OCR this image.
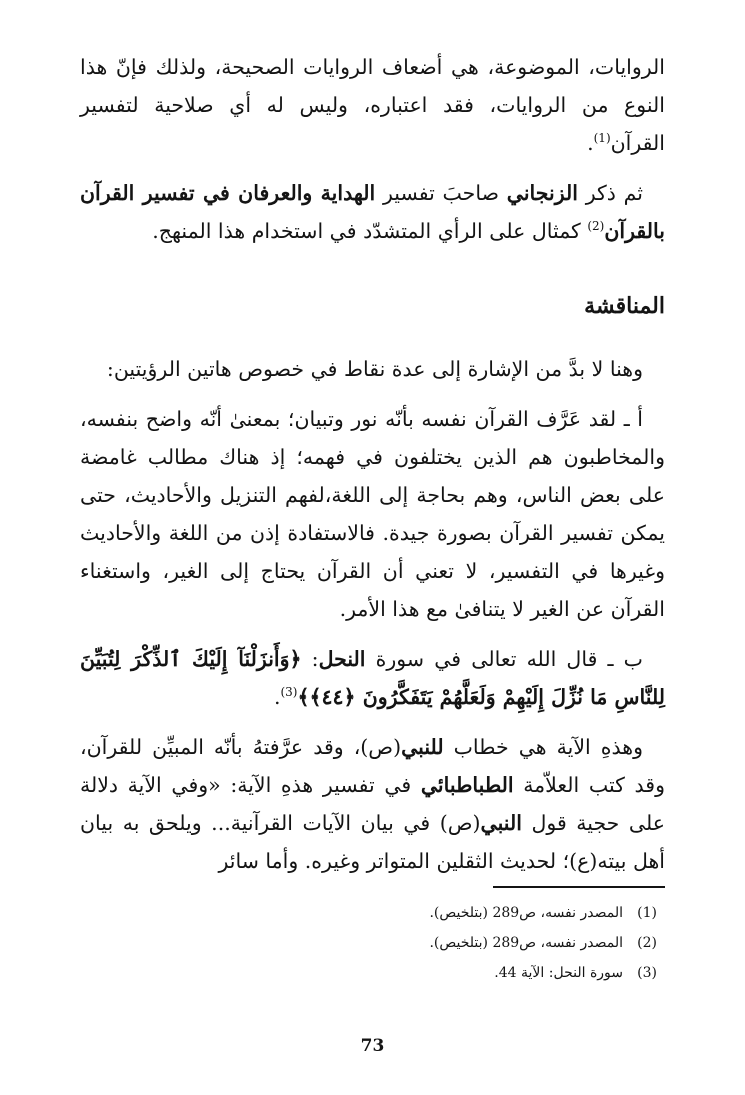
الروايات، الموضوعة، هي أضعاف الروايات الصحيحة، ولذلك فإنّ هذا النوع من الروايات، فقد اعتباره، وليس له أي صلاحية لتفسير القرآن$^{(1)}$.

ثم ذكر الزنجاني صاحبَ تفسير الهداية والعرفان في تفسير القرآن بالقرآن$^{(2)}$ كمثال على الرأي المتشدّد في استخدام هذا المنهج.

المناقشة

وهنا لا بدَّ من الإشارة إلى عدة نقاط في خصوص هاتين الرؤيتين:

أ ـ لقد عَرَّف القرآن نفسه بأنّه نور وتبيان؛ بمعنىٰ أنّه واضح بنفسه، والمخاطبون هم الذين يختلفون في فهمه؛ إذ هناك مطالب غامضة على بعض الناس، وهم بحاجة إلى اللغة،لفهم التنزيل والأحاديث، حتى يمكن تفسير القرآن بصورة جيدة. فالاستفادة إذن من اللغة والأحاديث وغيرها في التفسير، لا تعني أن القرآن يحتاج إلى الغير، واستغناء القرآن عن الغير لا يتنافىٰ مع هذا الأمر.

ب ـ قال الله تعالى في سورة النحل: ﴿وَأَنزَلْنَآ إِلَيْكَ ٱلذِّكْرَ لِتُبَيِّنَ لِلنَّاسِ مَا نُزِّلَ إِلَيْهِمْ وَلَعَلَّهُمْ يَتَفَكَّرُونَ ﴿٤٤﴾﴾$^{(3)}$.

وهذهِ الآية هي خطاب للنبي(ص)، وقد عرَّفتهُ بأنّه المبيِّن للقرآن، وقد كتب العلاّمة الطباطبائي في تفسير هذهِ الآية: «وفي الآية دلالة على حجية قول النبي(ص) في بيان الآيات القرآنية... ويلحق به بيان أهل بيته(ع)؛ لحديث الثقلين المتواتر وغيره. وأما سائر

(1)المصدر نفسه، ص289 (بتلخيص).
(2)المصدر نفسه، ص289 (بتلخيص).
(3)سورة النحل: الآية 44.
73
